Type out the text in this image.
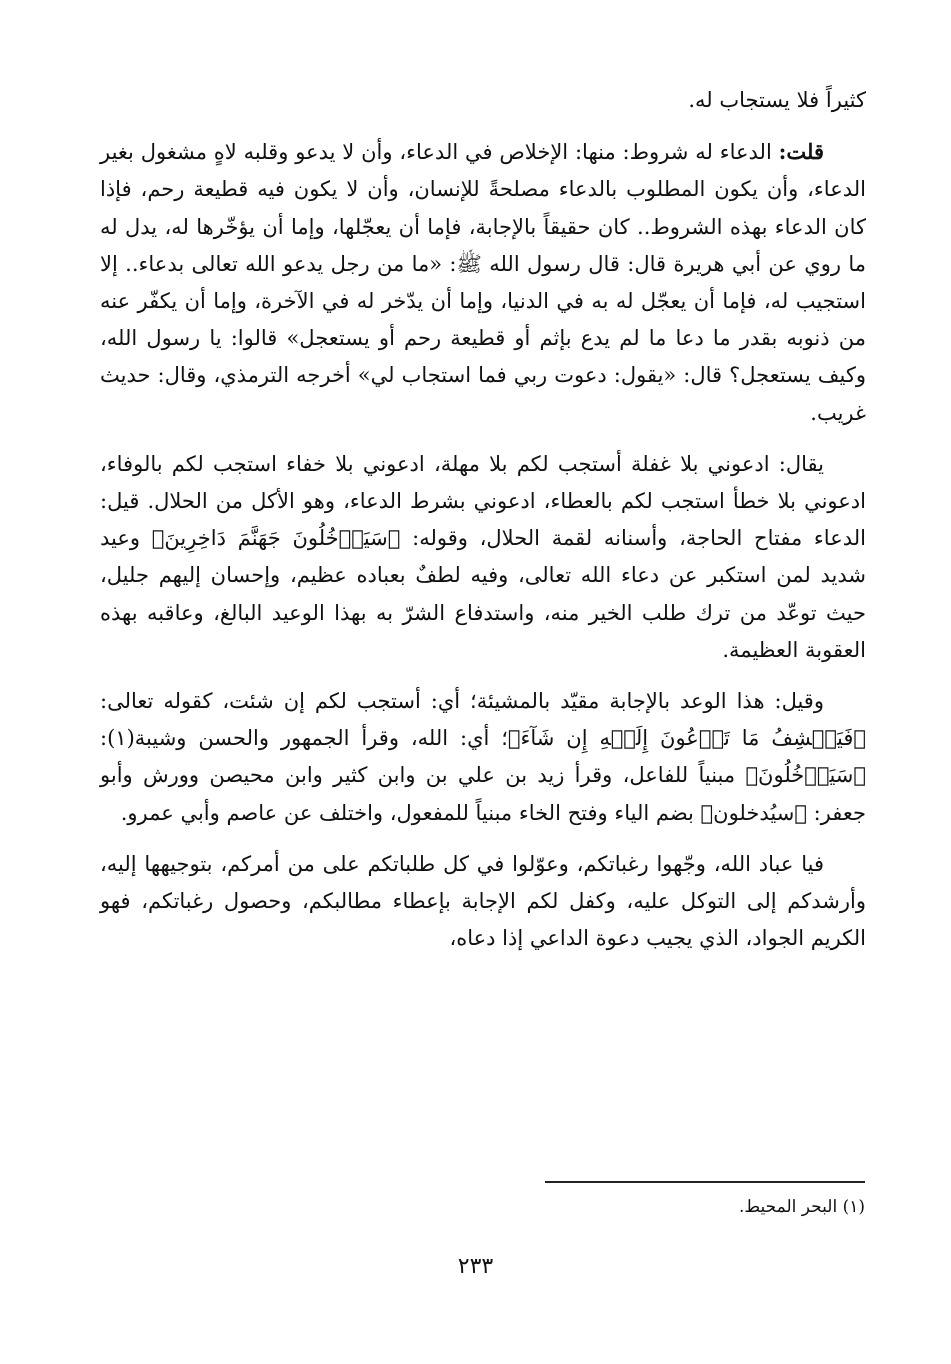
كثيراً فلا يستجاب له.

قلت: الدعاء له شروط: منها: الإخلاص في الدعاء، وأن لا يدعو وقلبه لاهٍ مشغول بغير الدعاء، وأن يكون المطلوب بالدعاء مصلحةً للإنسان، وأن لا يكون فيه قطيعة رحم، فإذا كان الدعاء بهذه الشروط.. كان حقيقاً بالإجابة، فإما أن يعجّلها، وإما أن يؤخّرها له، يدل له ما روي عن أبي هريرة قال: قال رسول الله ﷺ: «ما من رجل يدعو الله تعالى بدعاء.. إلا استجيب له، فإما أن يعجّل له به في الدنيا، وإما أن يدّخر له في الآخرة، وإما أن يكفّر عنه من ذنوبه بقدر ما دعا ما لم يدع بإثم أو قطيعة رحم أو يستعجل» قالوا: يا رسول الله، وكيف يستعجل؟ قال: «يقول: دعوت ربي فما استجاب لي» أخرجه الترمذي، وقال: حديث غريب.

يقال: ادعوني بلا غفلة أستجب لكم بلا مهلة، ادعوني بلا خفاء استجب لكم بالوفاء، ادعوني بلا خطأ استجب لكم بالعطاء، ادعوني بشرط الدعاء، وهو الأكل من الحلال. قيل: الدعاء مفتاح الحاجة، وأسنانه لقمة الحلال، وقوله: ﴿سَيَدۡخُلُونَ جَهَنَّمَ دَاخِرِينَ﴾ وعيد شديد لمن استكبر عن دعاء الله تعالى، وفيه لطفٌ بعباده عظيم، وإحسان إليهم جليل، حيث توعّد من ترك طلب الخير منه، واستدفاع الشرّ به بهذا الوعيد البالغ، وعاقبه بهذه العقوبة العظيمة.

وقيل: هذا الوعد بالإجابة مقيّد بالمشيئة؛ أي: أستجب لكم إن شئت، كقوله تعالى: ﴿فَيَكۡشِفُ مَا تَدۡعُونَ إِلَيۡهِ إِن شَآءَ﴾؛ أي: الله، وقرأ الجمهور والحسن وشيبة(١): ﴿سَيَدۡخُلُونَ﴾ مبنياً للفاعل، وقرأ زيد بن علي بن وابن كثير وابن محيصن وورش وأبو جعفر: ﴿سيُدخلون﴾ بضم الياء وفتح الخاء مبنياً للمفعول، واختلف عن عاصم وأبي عمرو.

فيا عباد الله، وجّهوا رغباتكم، وعوّلوا في كل طلباتكم على من أمركم، بتوجيهها إليه، وأرشدكم إلى التوكل عليه، وكفل لكم الإجابة بإعطاء مطالبكم، وحصول رغباتكم، فهو الكريم الجواد، الذي يجيب دعوة الداعي إذا دعاه،

(١) البحر المحيط.
٢٣٣
